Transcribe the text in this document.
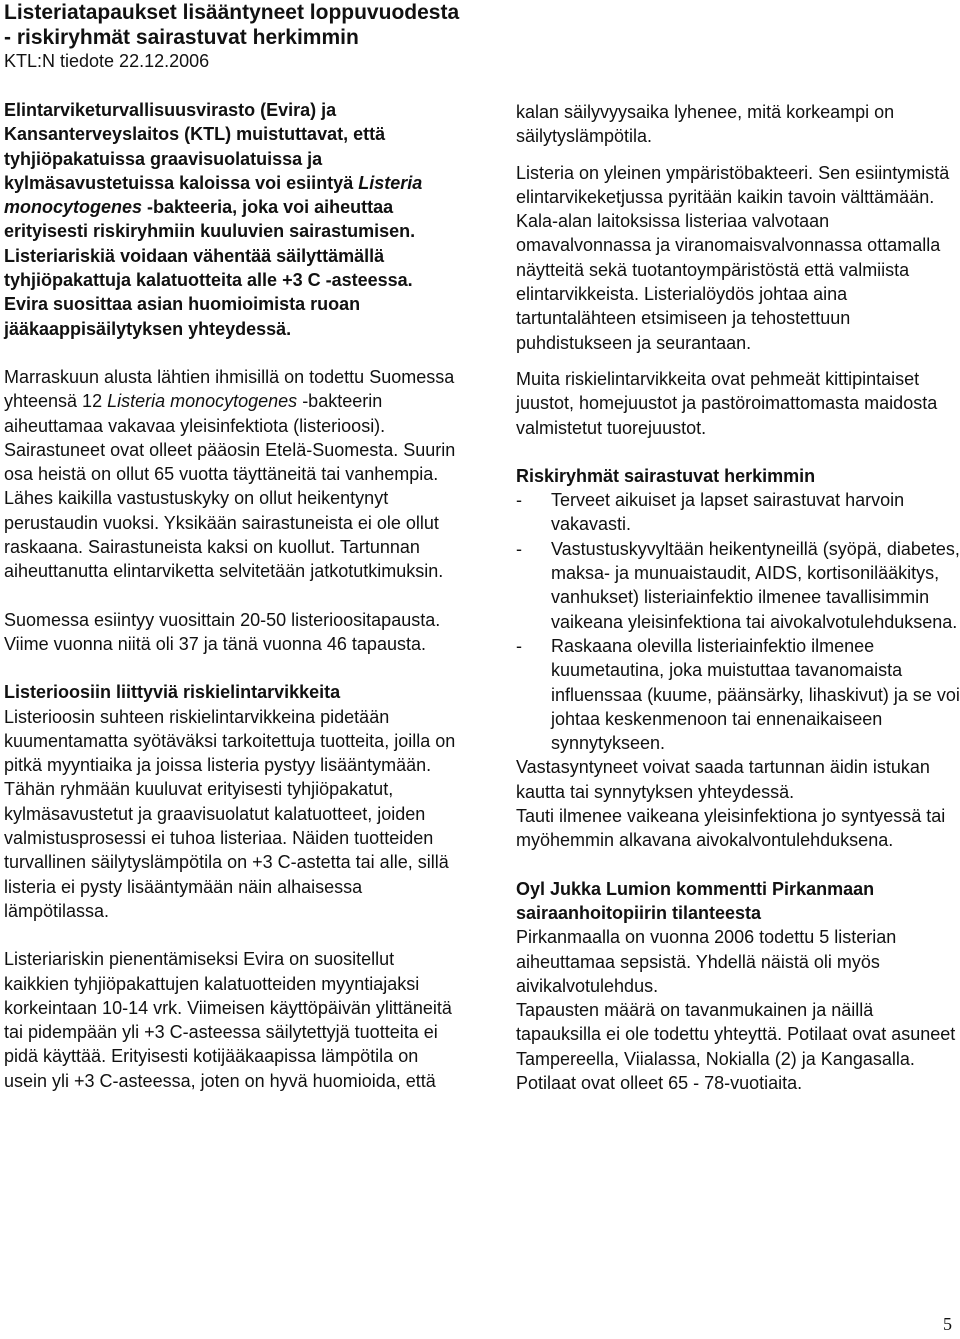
Listeriatapaukset lisääntyneet loppuvuodesta

- riskiryhmät sairastuvat herkimmin

KTL:N tiedote 22.12.2006

Elintarviketurvallisuusvirasto (Evira) ja Kansanterveyslaitos (KTL) muistuttavat, että tyhjiöpakatuissa graavisuolatuissa ja kylmäsavustetuissa kaloissa voi esiintyä Listeria monocytogenes -bakteeria, joka voi aiheuttaa erityisesti riskiryhmiin kuuluvien sairastumisen. Listeriariskiä voidaan vähentää säilyttämällä tyhjiöpakattuja kalatuotteita alle +3 C -asteessa. Evira suosittaa asian huomioimista ruoan jääkaappisäilytyksen yhteydessä.

Marraskuun alusta lähtien ihmisillä on todettu Suomessa yhteensä 12 Listeria monocytogenes -bakteerin aiheuttamaa vakavaa yleisinfektiota (listerioosi). Sairastuneet ovat olleet pääosin Etelä-Suomesta. Suurin osa heistä on ollut 65 vuotta täyttäneitä tai vanhempia. Lähes kaikilla vastustuskyky on ollut heikentynyt perustaudin vuoksi. Yksikään sairastuneista ei ole ollut raskaana. Sairastuneista kaksi on kuollut. Tartunnan aiheuttanutta elintarviketta selvitetään jatkotutkimuksin.

Suomessa esiintyy vuosittain 20-50 listerioositapausta. Viime vuonna niitä oli 37 ja tänä vuonna 46 tapausta.

Listerioosiin liittyviä riskielintarvikkeita

Listerioosin suhteen riskielintarvikkeina pidetään kuumentamatta syötäväksi tarkoitettuja tuotteita, joilla on pitkä myyntiaika ja joissa listeria pystyy lisääntymään. Tähän ryhmään kuuluvat erityisesti tyhjiöpakatut, kylmäsavustetut ja graavisuolatut kalatuotteet, joiden valmistusprosessi ei tuhoa listeriaa. Näiden tuotteiden turvallinen säilytyslämpötila on +3 C-astetta tai alle, sillä listeria ei pysty lisääntymään näin alhaisessa lämpötilassa.

Listeriariskin pienentämiseksi Evira on suositellut kaikkien tyhjiöpakattujen kalatuotteiden myyntiajaksi korkeintaan 10-14 vrk. Viimeisen käyttöpäivän ylittäneitä tai pidempään yli +3 C-asteessa säilytettyjä tuotteita ei pidä käyttää. Erityisesti kotijääkaapissa lämpötila on usein yli +3 C-asteessa, joten on hyvä huomioida, että

kalan säilyvyysaika lyhenee, mitä korkeampi on säilytyslämpötila.

Listeria on yleinen ympäristöbakteeri. Sen esiintymistä elintarvikeketjussa pyritään kaikin tavoin välttämään. Kala-alan laitoksissa listeriaa valvotaan omavalvonnassa ja viranomaisvalvonnassa ottamalla näytteitä sekä tuotantoympäristöstä että valmiista elintarvikkeista. Listerialöydös johtaa aina tartuntalähteen etsimiseen ja tehostettuun puhdistukseen ja seurantaan.

Muita riskielintarvikkeita ovat pehmeät kittipintaiset juustot, homejuustot ja pastöroimattomasta maidosta valmistetut tuorejuustot.

Riskiryhmät sairastuvat herkimmin

- Terveet aikuiset ja lapset sairastuvat harvoin vakavasti.
- Vastustuskyvyltään heikentyneillä (syöpä, diabetes, maksa- ja munuaistaudit, AIDS, kortisonilääkitys, vanhukset) listeriainfektio ilmenee tavallisimmin vaikeana yleisinfektiona tai aivokalvotulehduksena.
- Raskaana olevilla listeriainfektio ilmenee kuumetautina, joka muistuttaa tavanomaista influenssaa (kuume, päänsärky, lihaskivut) ja se voi johtaa keskenmenoon tai ennenaikaiseen synnytykseen.

Vastasyntyneet voivat saada tartunnan äidin istukan kautta tai synnytyksen yhteydessä.

Tauti ilmenee vaikeana yleisinfektiona jo syntyessä tai myöhemmin alkavana aivokalvontulehduksena.

Oyl Jukka Lumion kommentti Pirkanmaan sairaanhoitopiirin tilanteesta

Pirkanmaalla on vuonna 2006 todettu 5 listerian aiheuttamaa sepsistä. Yhdellä näistä oli myös aivikalvotulehdus.

Tapausten määrä on tavanmukainen ja näillä tapauksilla ei ole todettu yhteyttä. Potilaat ovat asuneet Tampereella, Viialassa, Nokialla (2) ja Kangasalla.

Potilaat ovat olleet 65 - 78-vuotiaita.

5
